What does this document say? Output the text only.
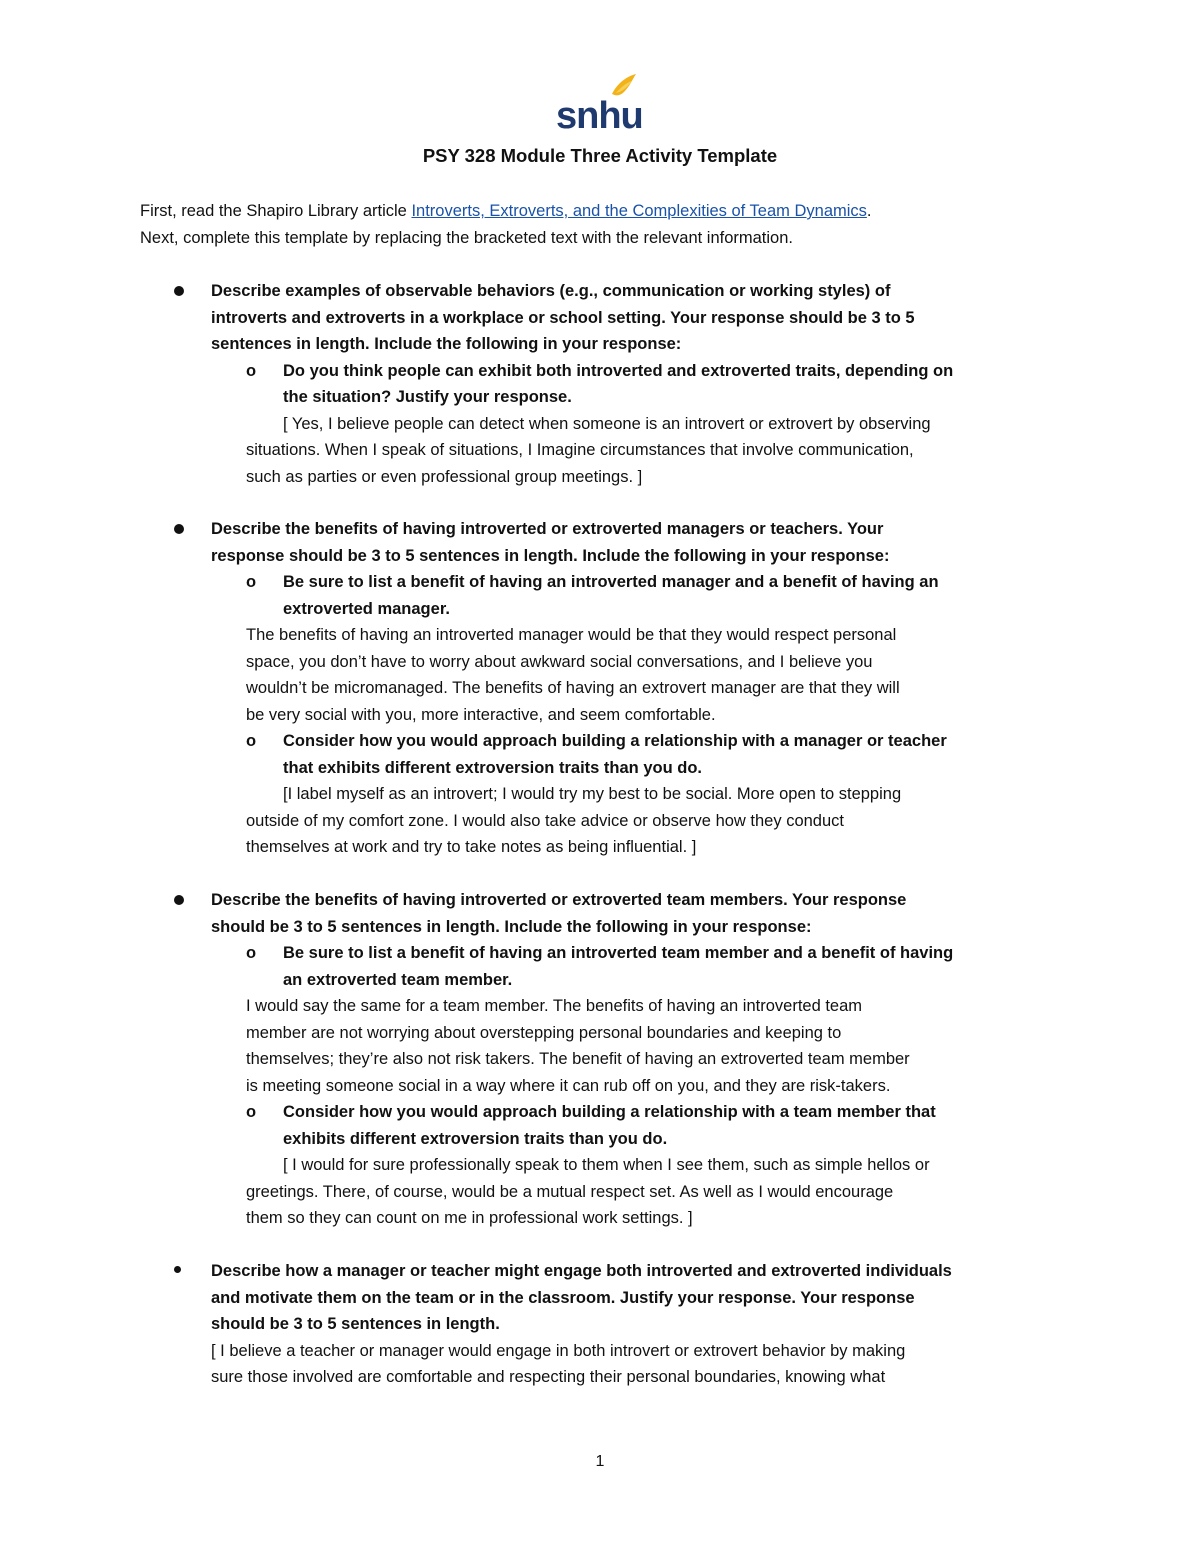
snhu
PSY 328 Module Three Activity Template

First, read the Shapiro Library article Introverts, Extroverts, and the Complexities of Team Dynamics.

Next, complete this template by replacing the bracketed text with the relevant information.

Describe examples of observable behaviors (e.g., communication or working styles) of
introverts and extroverts in a workplace or school setting. Your response should be 3 to 5
sentences in length. Include the following in your response:
o Do you think people can exhibit both introverted and extroverted traits, depending on
the situation? Justify your response.
[ Yes, I believe people can detect when someone is an introvert or extrovert by observing
situations. When I speak of situations, I Imagine circumstances that involve communication,
such as parties or even professional group meetings. ]
Describe the benefits of having introverted or extroverted managers or teachers. Your
response should be 3 to 5 sentences in length. Include the following in your response:
o Be sure to list a benefit of having an introverted manager and a benefit of having an
extroverted manager.
The benefits of having an introverted manager would be that they would respect personal
space, you don’t have to worry about awkward social conversations, and I believe you
wouldn’t be micromanaged. The benefits of having an extrovert manager are that they will
be very social with you, more interactive, and seem comfortable.
o Consider how you would approach building a relationship with a manager or teacher
that exhibits different extroversion traits than you do.
[I label myself as an introvert; I would try my best to be social. More open to stepping
outside of my comfort zone. I would also take advice or observe how they conduct
themselves at work and try to take notes as being influential. ]
Describe the benefits of having introverted or extroverted team members. Your response
should be 3 to 5 sentences in length. Include the following in your response:
o Be sure to list a benefit of having an introverted team member and a benefit of having
an extroverted team member.
I would say the same for a team member. The benefits of having an introverted team
member are not worrying about overstepping personal boundaries and keeping to
themselves; they’re also not risk takers. The benefit of having an extroverted team member
is meeting someone social in a way where it can rub off on you, and they are risk-takers.
o Consider how you would approach building a relationship with a team member that
exhibits different extroversion traits than you do.
[ I would for sure professionally speak to them when I see them, such as simple hellos or
greetings. There, of course, would be a mutual respect set. As well as I would encourage
them so they can count on me in professional work settings. ]
Describe how a manager or teacher might engage both introverted and extroverted individuals
and motivate them on the team or in the classroom. Justify your response. Your response
should be 3 to 5 sentences in length.
[ I believe a teacher or manager would engage in both introvert or extrovert behavior by making
sure those involved are comfortable and respecting their personal boundaries, knowing what
1
